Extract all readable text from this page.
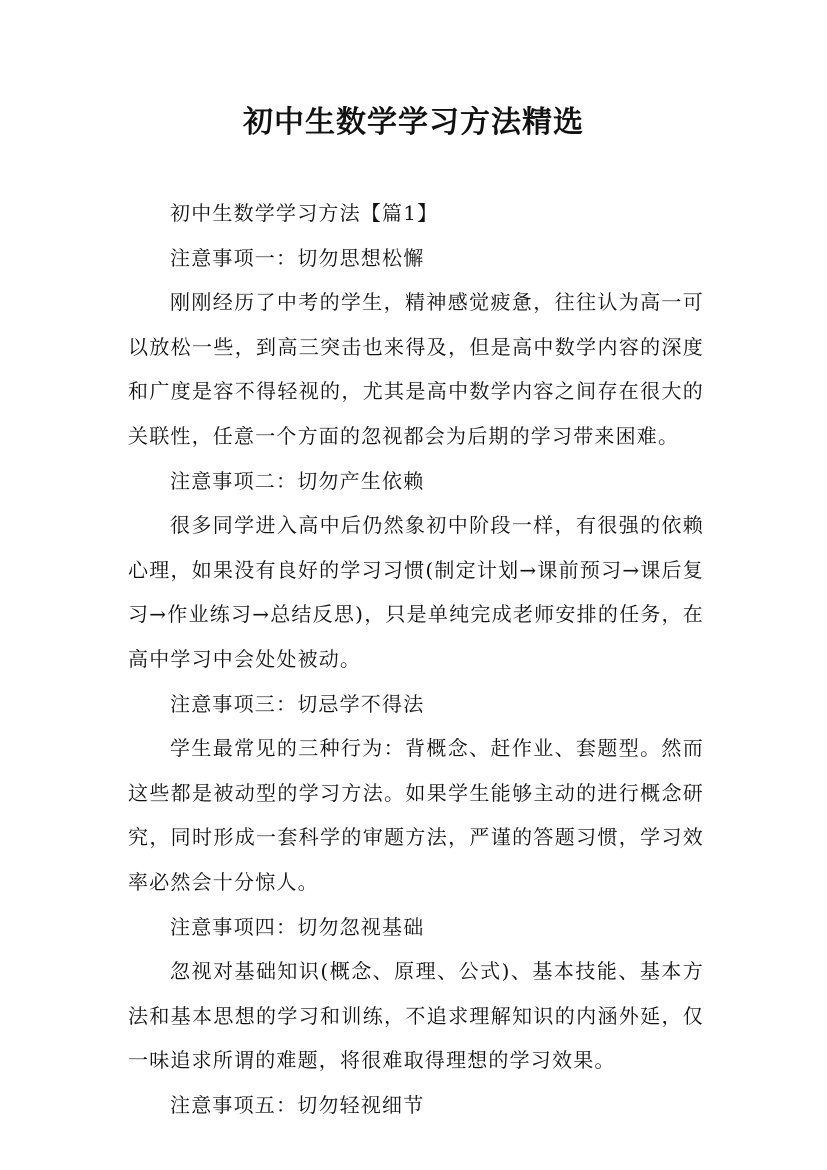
初中生数学学习方法精选

初中生数学学习方法【篇1】

注意事项一：切勿思想松懈

刚刚经历了中考的学生，精神感觉疲惫，往往认为高一可以放松一些，到高三突击也来得及，但是高中数学内容的深度和广度是容不得轻视的，尤其是高中数学内容之间存在很大的关联性，任意一个方面的忽视都会为后期的学习带来困难。

注意事项二：切勿产生依赖

很多同学进入高中后仍然象初中阶段一样，有很强的依赖心理，如果没有良好的学习习惯(制定计划→课前预习→课后复习→作业练习→总结反思)，只是单纯完成老师安排的任务，在高中学习中会处处被动。

注意事项三：切忌学不得法

学生最常见的三种行为：背概念、赶作业、套题型。然而这些都是被动型的学习方法。如果学生能够主动的进行概念研究，同时形成一套科学的审题方法，严谨的答题习惯，学习效率必然会十分惊人。

注意事项四：切勿忽视基础

忽视对基础知识(概念、原理、公式)、基本技能、基本方法和基本思想的学习和训练，不追求理解知识的内涵外延，仅一味追求所谓的难题，将很难取得理想的学习效果。

注意事项五：切勿轻视细节
